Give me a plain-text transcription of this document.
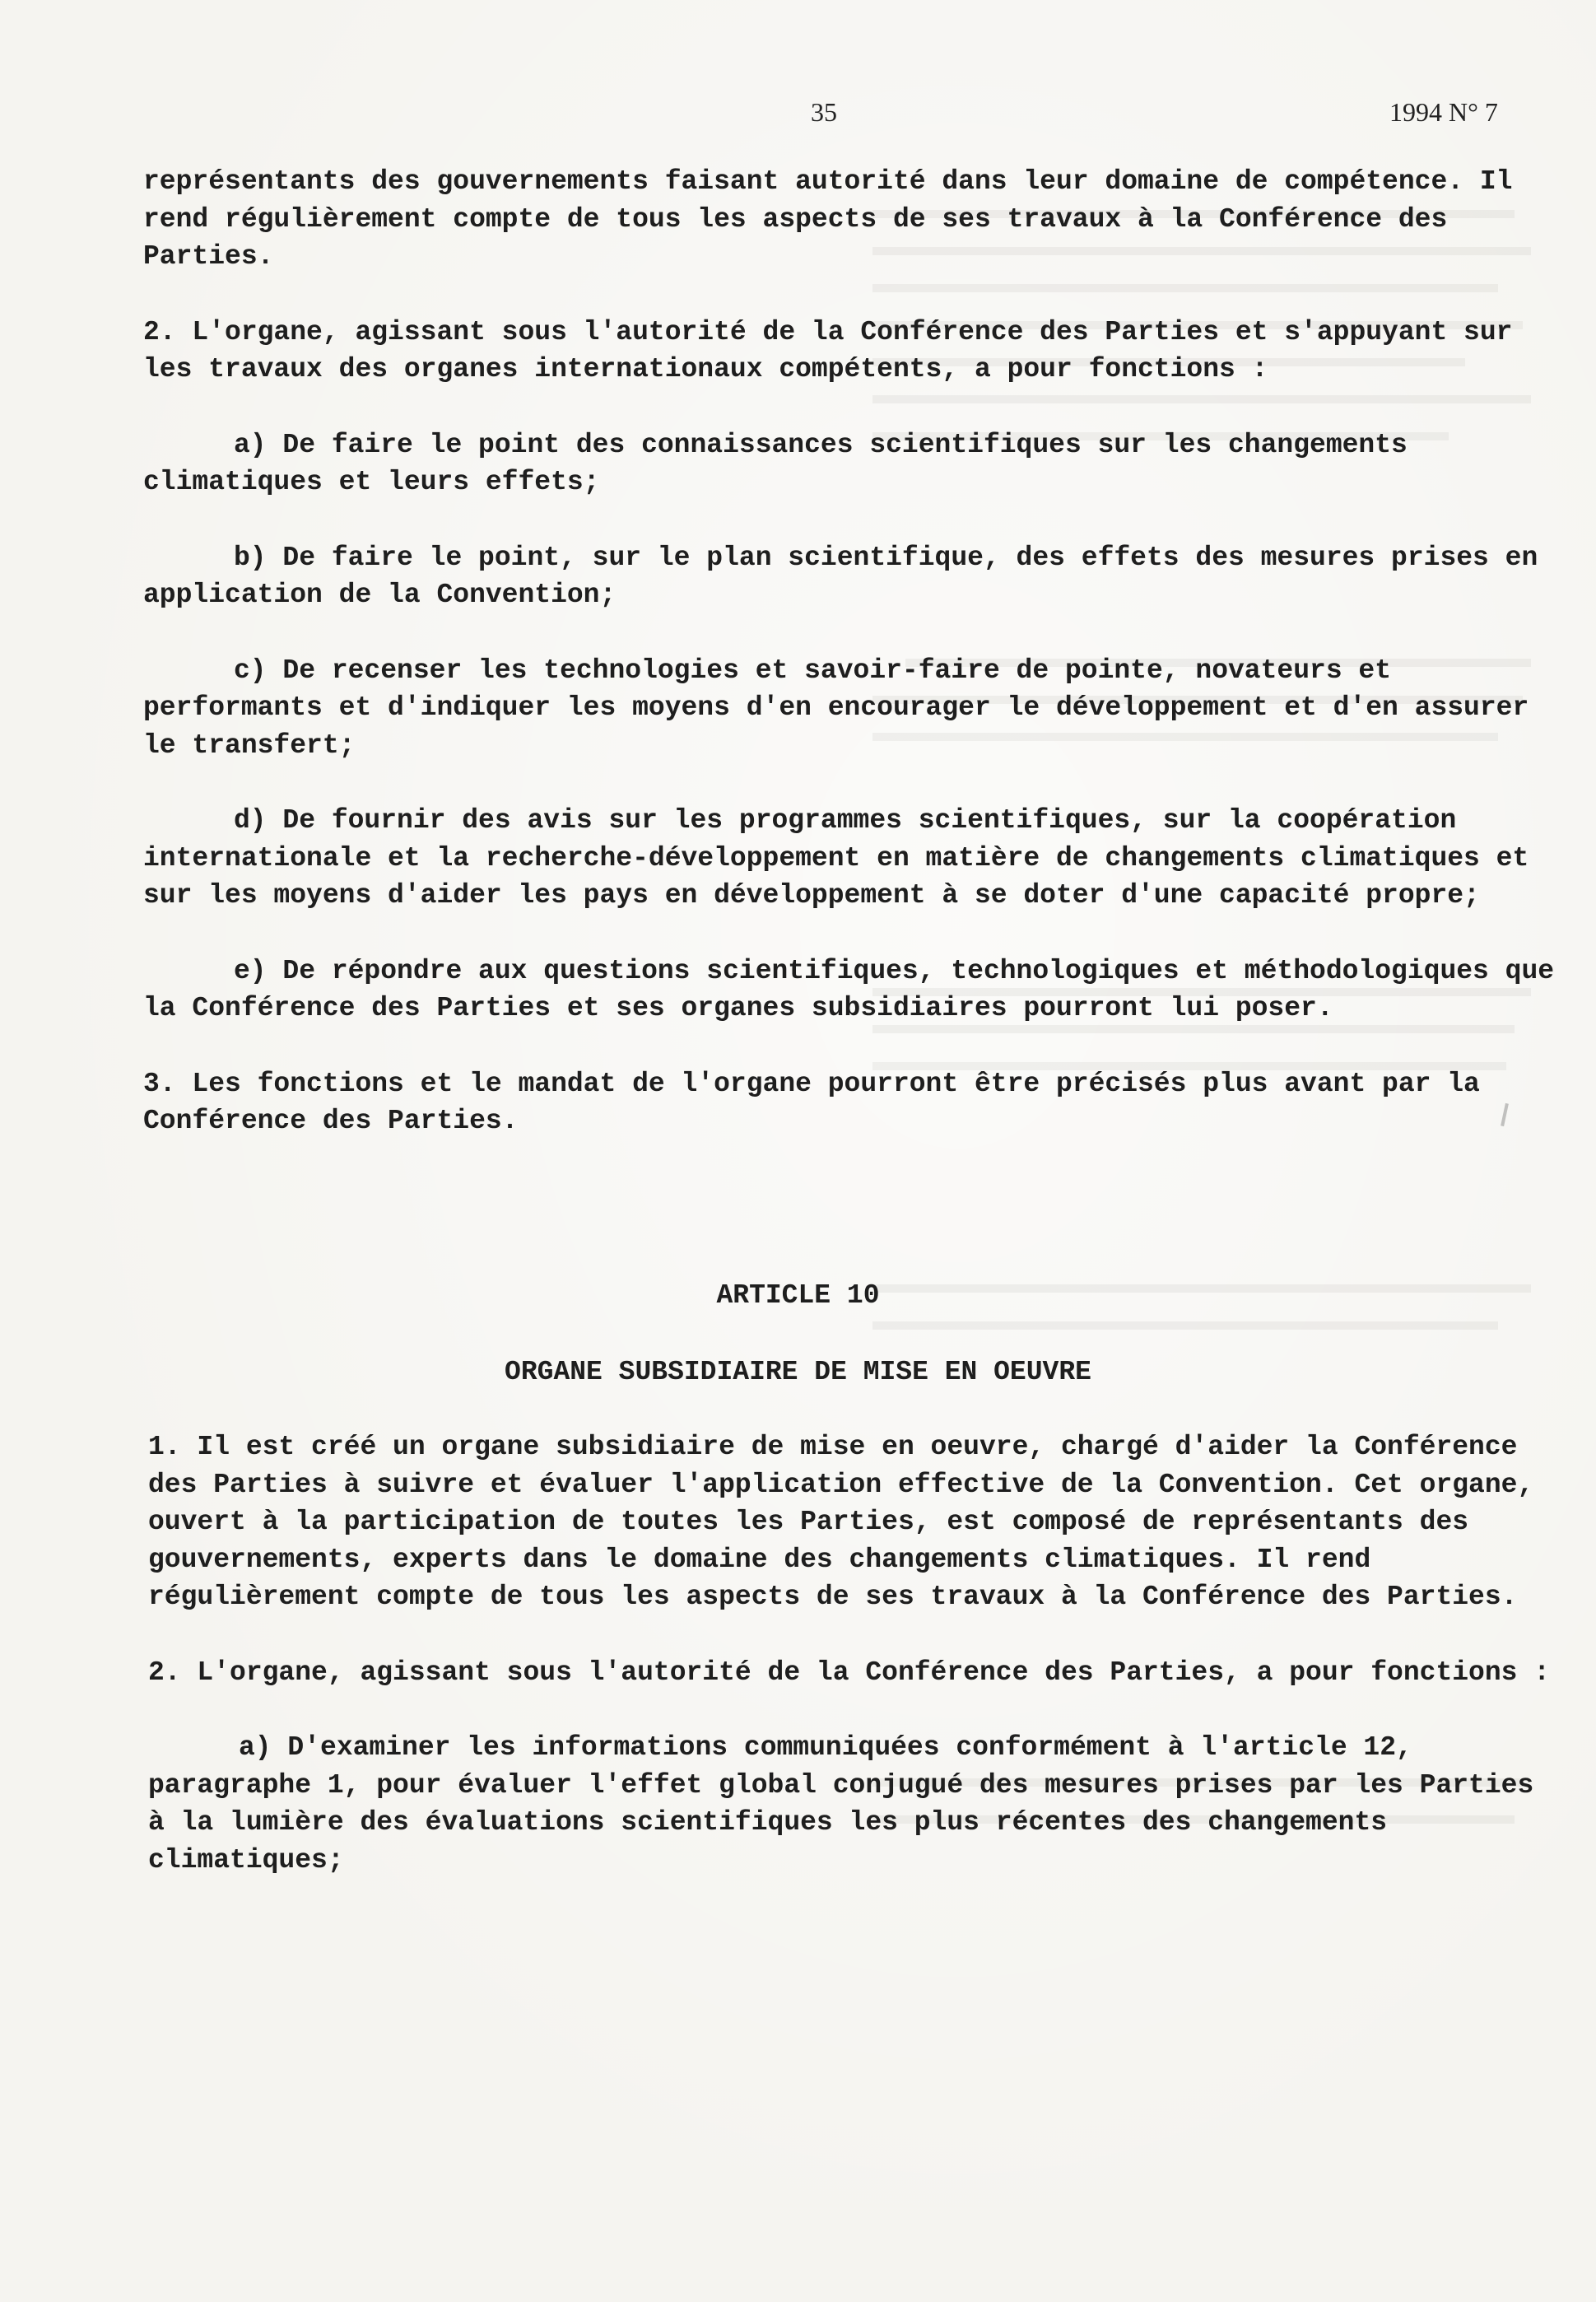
35	1994 N° 7

représentants des gouvernements faisant autorité dans leur domaine de compétence. Il rend régulièrement compte de tous les aspects de ses travaux à la Conférence des Parties.

2. L'organe, agissant sous l'autorité de la Conférence des Parties et s'appuyant sur les travaux des organes internationaux compétents, a pour fonctions :

a) De faire le point des connaissances scientifiques sur les changements climatiques et leurs effets;

b) De faire le point, sur le plan scientifique, des effets des mesures prises en application de la Convention;

c) De recenser les technologies et savoir-faire de pointe, novateurs et performants et d'indiquer les moyens d'en encourager le développement et d'en assurer le transfert;

d) De fournir des avis sur les programmes scientifiques, sur la coopération internationale et la recherche-développement en matière de changements climatiques et sur les moyens d'aider les pays en développement à se doter d'une capacité propre;

e) De répondre aux questions scientifiques, technologiques et méthodologiques que la Conférence des Parties et ses organes subsidiaires pourront lui poser.

3. Les fonctions et le mandat de l'organe pourront être précisés plus avant par la Conférence des Parties.

ARTICLE 10
ORGANE SUBSIDIAIRE DE MISE EN OEUVRE

1. Il est créé un organe subsidiaire de mise en oeuvre, chargé d'aider la Conférence des Parties à suivre et évaluer l'application effective de la Convention. Cet organe, ouvert à la participation de toutes les Parties, est composé de représentants des gouvernements, experts dans le domaine des changements climatiques. Il rend régulièrement compte de tous les aspects de ses travaux à la Conférence des Parties.

2. L'organe, agissant sous l'autorité de la Conférence des Parties, a pour fonctions :

a) D'examiner les informations communiquées conformément à l'article 12, paragraphe 1, pour évaluer l'effet global conjugué des mesures prises par les Parties à la lumière des évaluations scientifiques les plus récentes des changements climatiques;
